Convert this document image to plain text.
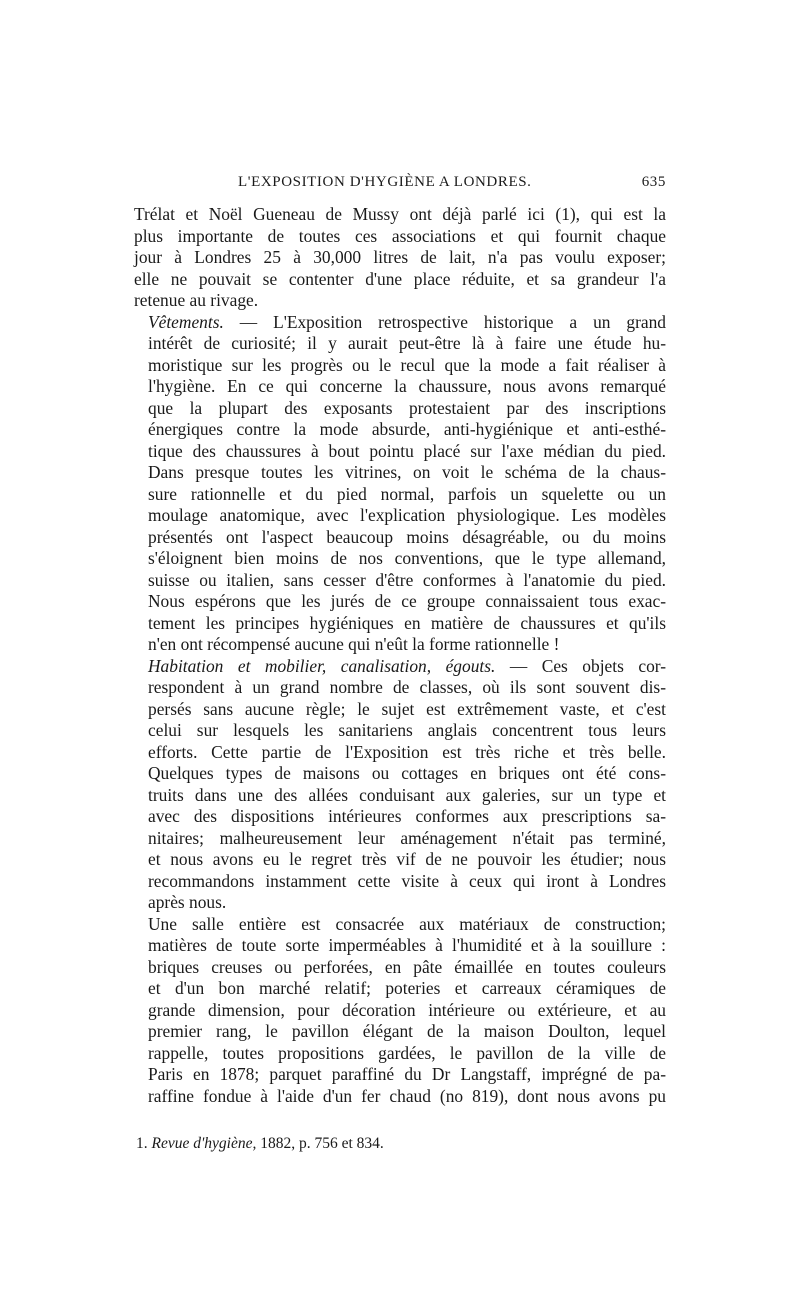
L'EXPOSITION D'HYGIÈNE A LONDRES.	635

Trélat et Noël Gueneau de Mussy ont déjà parlé ici (1), qui est la
plus importante de toutes ces associations et qui fournit chaque
jour à Londres 25 à 30,000 litres de lait, n'a pas voulu exposer;
elle ne pouvait se contenter d'une place réduite, et sa grandeur l'a
retenue au rivage.

Vêtements. — L'Exposition retrospective historique a un grand
intérêt de curiosité; il y aurait peut-être là à faire une étude hu-
moristique sur les progrès ou le recul que la mode a fait réaliser à
l'hygiène. En ce qui concerne la chaussure, nous avons remarqué
que la plupart des exposants protestaient par des inscriptions
énergiques contre la mode absurde, anti-hygiénique et anti-esthé-
tique des chaussures à bout pointu placé sur l'axe médian du pied.
Dans presque toutes les vitrines, on voit le schéma de la chaus-
sure rationnelle et du pied normal, parfois un squelette ou un
moulage anatomique, avec l'explication physiologique. Les modèles
présentés ont l'aspect beaucoup moins désagréable, ou du moins
s'éloignent bien moins de nos conventions, que le type allemand,
suisse ou italien, sans cesser d'être conformes à l'anatomie du pied.
Nous espérons que les jurés de ce groupe connaissaient tous exac-
tement les principes hygiéniques en matière de chaussures et qu'ils
n'en ont récompensé aucune qui n'eût la forme rationnelle !

Habitation et mobilier, canalisation, égouts. — Ces objets cor-
respondent à un grand nombre de classes, où ils sont souvent dis-
persés sans aucune règle; le sujet est extrêmement vaste, et c'est
celui sur lesquels les sanitariens anglais concentrent tous leurs
efforts. Cette partie de l'Exposition est très riche et très belle.
Quelques types de maisons ou cottages en briques ont été cons-
truits dans une des allées conduisant aux galeries, sur un type et
avec des dispositions intérieures conformes aux prescriptions sa-
nitaires; malheureusement leur aménagement n'était pas terminé,
et nous avons eu le regret très vif de ne pouvoir les étudier; nous
recommandons instamment cette visite à ceux qui iront à Londres
après nous.

Une salle entière est consacrée aux matériaux de construction;
matières de toute sorte imperméables à l'humidité et à la souillure :
briques creuses ou perforées, en pâte émaillée en toutes couleurs
et d'un bon marché relatif; poteries et carreaux céramiques de
grande dimension, pour décoration intérieure ou extérieure, et au
premier rang, le pavillon élégant de la maison Doulton, lequel
rappelle, toutes propositions gardées, le pavillon de la ville de
Paris en 1878; parquet paraffiné du Dr Langstaff, imprégné de pa-
raffine fondue à l'aide d'un fer chaud (no 819), dont nous avons pu

1. Revue d'hygiène, 1882, p. 756 et 834.
